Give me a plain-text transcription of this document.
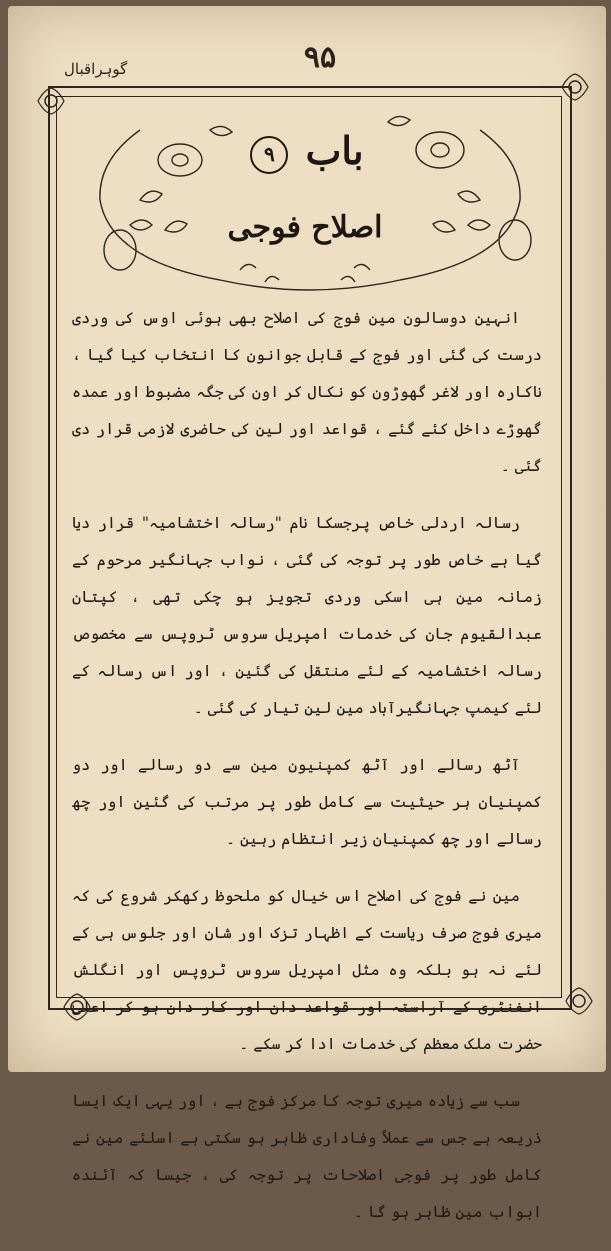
۹۵
گوہراقبال
باب ۹
اصلاح فوجی

انہین دوسالون مین فوج کی اصلاح بھی ہوئی اوس کی وردی درست کی گئی اور فوج کے قابل جوانون کا انتخاب کیا گیا ، ناکارہ اور لاغر گھوڑون کو نکال کر اون کی جگہ مضبوط اور عمدہ گھوڑے داخل کئے گئے ، قواعد اور لین کی حاضری لازمی قرار دی گئی ۔

رسالہ اردلی خاص پرجسکا نام "رسالہ اختشامیہ" قرار دیا گیا ہے خاص طور پر توجہ کی گئی ، نواب جہانگیر مرحوم کے زمانہ مین ہی اسکی وردی تجویز ہو چکی تھی ، کپتان عبدالقیوم جان کی خدمات امپریل سروس ٹروپس سے مخصوص رسالہ اختشامیہ کے لئے منتقل کی گئین ، اور اس رسالہ کے لئے کیمپ جہانگیرآباد مین لین تیار کی گئی ۔

آٹھ رسالے اور آٹھ کمپنیون مین سے دو رسالے اور دو کمپنیان ہر حیثیت سے کامل طور پر مرتب کی گئین اور چھ رسالے اور چھ کمپنیان زیر انتظام رہین ۔

مین نے فوج کی اصلاح اس خیال کو ملحوظ رکھکر شروع کی کہ میری فوج صرف ریاست کے اظہار تزک اور شان اور جلوس ہی کے لئے نہ ہو بلکہ وہ مثل امپریل سروس ٹروپس اور انگلش انفنٹری کے آراستہ اور قواعد دان اور کار دان ہو کر اعلیٰ حضرت ملک معظم کی خدمات ادا کر سکے ۔

سب سے زیادہ میری توجہ کا مرکز فوج ہے ، اور یہی ایک ایسا ذریعہ ہے جس سے عملاً وفاداری ظاہر ہو سکتی ہے اسلئے مین نے کامل طور پر فوجی اصلاحات پر توجہ کی ، جیسا کہ آئندہ ابواب مین ظاہر ہو گا ۔
